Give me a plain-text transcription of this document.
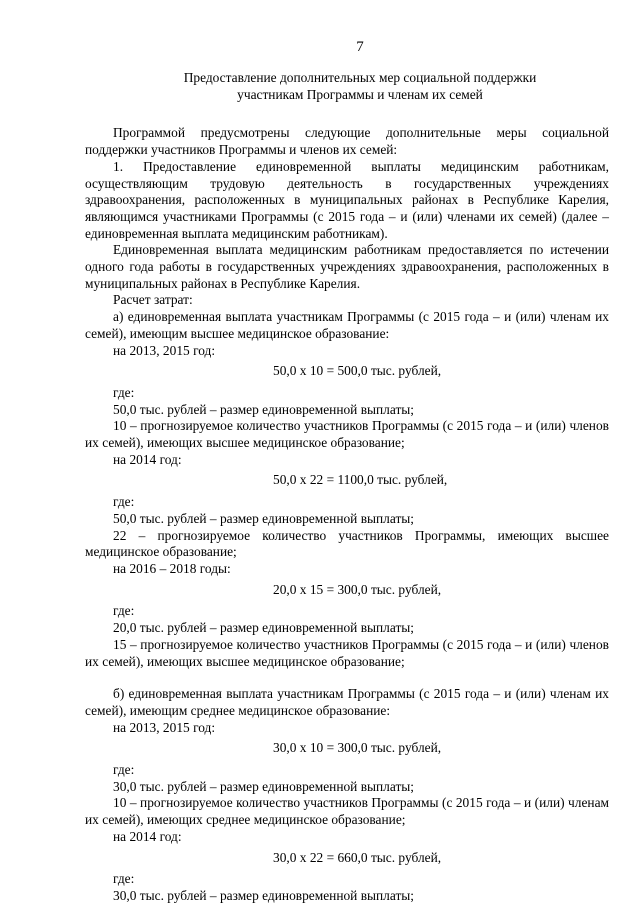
7
Предоставление дополнительных мер социальной поддержки
участникам Программы и членам их семей

Программой предусмотрены следующие дополнительные меры социальной поддержки участников Программы и членов их семей:

1. Предоставление единовременной выплаты медицинским работникам, осуществляющим трудовую деятельность в государственных учреждениях здравоохранения, расположенных в муниципальных районах в Республике Карелия, являющимся участниками Программы (с 2015 года – и (или) членами их семей) (далее – единовременная выплата медицинским работникам).

Единовременная выплата медицинским работникам предоставляется по истечении одного года работы в государственных учреждениях здравоохранения, расположенных в муниципальных районах в Республике Карелия.

Расчет затрат:

а) единовременная выплата участникам Программы (с 2015 года – и (или) членам их семей), имеющим высшее медицинское образование:

на 2013, 2015 год:

50,0 х 10 = 500,0 тыс. рублей,

где:

50,0 тыс. рублей – размер единовременной выплаты;

10 – прогнозируемое количество участников Программы (с 2015 года – и (или) членов их семей), имеющих высшее медицинское образование;

на 2014 год:

50,0 х 22 = 1100,0 тыс. рублей,

где:

50,0 тыс. рублей – размер единовременной выплаты;

22 – прогнозируемое количество участников Программы, имеющих высшее медицинское образование;

на 2016 – 2018 годы:

20,0 х 15 = 300,0 тыс. рублей,

где:

20,0 тыс. рублей – размер единовременной выплаты;

15 – прогнозируемое количество участников Программы (с 2015 года – и (или) членов их семей), имеющих высшее медицинское образование;

б) единовременная выплата участникам Программы (с 2015 года – и (или) членам их семей), имеющим среднее медицинское образование:

на 2013, 2015 год:

30,0 х 10 = 300,0 тыс. рублей,

где:

30,0 тыс. рублей – размер единовременной выплаты;

10 – прогнозируемое количество участников Программы (с 2015 года – и (или) членам их семей), имеющих среднее медицинское образование;

на 2014 год:

30,0 х 22 = 660,0 тыс. рублей,

где:

30,0 тыс. рублей – размер единовременной выплаты;
